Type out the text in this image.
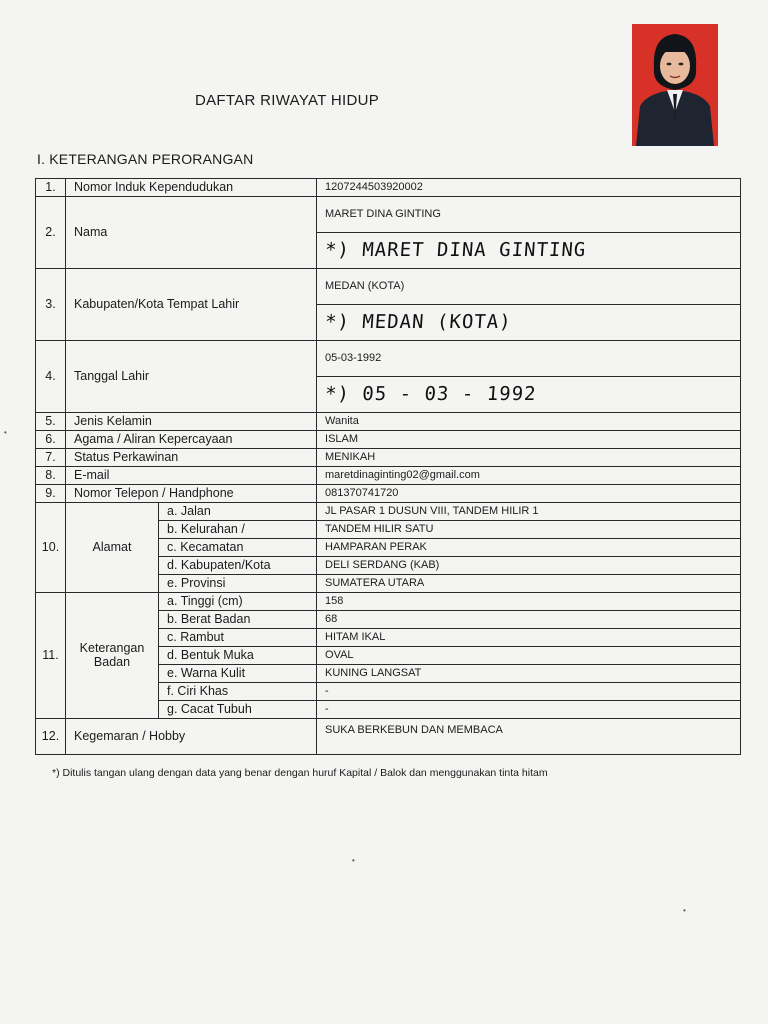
DAFTAR RIWAYAT HIDUP
I. KETERANGAN PERORANGAN
1.	Nomor Induk Kependudukan		1207244503920002
2.	Nama		MARET DINA GINTING
			*) MARET DINA GINTING
3.	Kabupaten/Kota Tempat Lahir		MEDAN (KOTA)
			*) MEDAN (KOTA)
4.	Tanggal Lahir		05-03-1992
			*) 05 - 03 - 1992
5.	Jenis Kelamin		Wanita
6.	Agama / Aliran Kepercayaan		ISLAM
7.	Status Perkawinan		MENIKAH
8.	E-mail		maretdinaginting02@gmail.com
9.	Nomor Telepon / Handphone		081370741720
10.	Alamat	a. Jalan	JL PASAR 1 DUSUN VIII, TANDEM HILIR 1
		b. Kelurahan /	TANDEM HILIR SATU
		c. Kecamatan	HAMPARAN PERAK
		d. Kabupaten/Kota	DELI SERDANG (KAB)
		e. Provinsi	SUMATERA UTARA
11.	Keterangan Badan	a. Tinggi (cm)	158
		b. Berat Badan	68
		c. Rambut	HITAM IKAL
		d. Bentuk Muka	OVAL
		e. Warna Kulit	KUNING LANGSAT
		f. Ciri Khas	-
		g. Cacat Tubuh	-
12.	Kegemaran / Hobby		SUKA BERKEBUN DAN MEMBACA
*) Ditulis tangan ulang dengan data yang benar dengan huruf Kapital / Balok dan menggunakan tinta hitam
•
•
•
